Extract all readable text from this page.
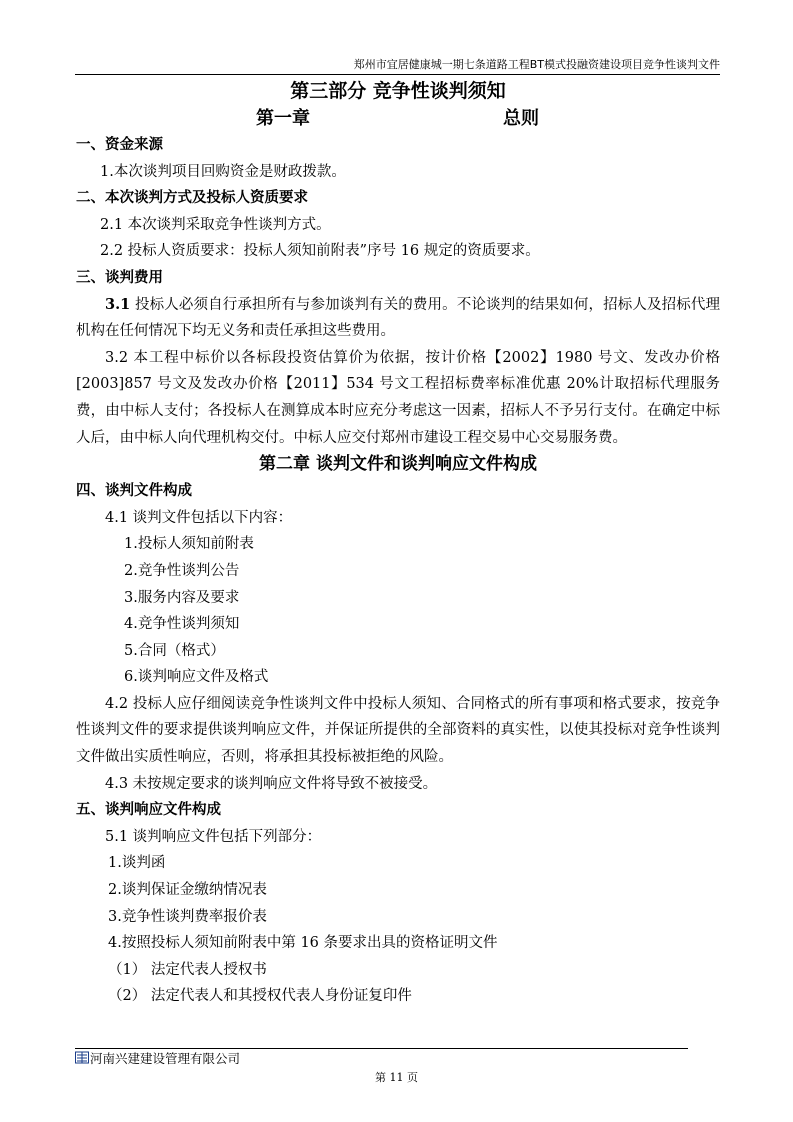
郑州市宜居健康城一期七条道路工程BT模式投融资建设项目竞争性谈判文件
第三部分 竞争性谈判须知
第一章	总则
一、资金来源
1.本次谈判项目回购资金是财政拨款。
二、本次谈判方式及投标人资质要求
2.1 本次谈判采取竞争性谈判方式。
2.2 投标人资质要求：投标人须知前附表”序号 16 规定的资质要求。
三、谈判费用
3.1 投标人必须自行承担所有与参加谈判有关的费用。不论谈判的结果如何，招标人及招标代理机构在任何情况下均无义务和责任承担这些费用。
3.2 本工程中标价以各标段投资估算价为依据，按计价格【2002】1980 号文、发改办价格[2003]857 号文及发改办价格【2011】534 号文工程招标费率标准优惠 20%计取招标代理服务费，由中标人支付；各投标人在测算成本时应充分考虑这一因素，招标人不予另行支付。在确定中标人后，由中标人向代理机构交付。中标人应交付郑州市建设工程交易中心交易服务费。
第二章 谈判文件和谈判响应文件构成
四、谈判文件构成
4.1 谈判文件包括以下内容：
1.投标人须知前附表
2.竞争性谈判公告
3.服务内容及要求
4.竞争性谈判须知
5.合同（格式）
6.谈判响应文件及格式
4.2 投标人应仔细阅读竞争性谈判文件中投标人须知、合同格式的所有事项和格式要求，按竞争性谈判文件的要求提供谈判响应文件，并保证所提供的全部资料的真实性，以使其投标对竞争性谈判文件做出实质性响应，否则，将承担其投标被拒绝的风险。
4.3 未按规定要求的谈判响应文件将导致不被接受。
五、谈判响应文件构成
5.1 谈判响应文件包括下列部分：
1.谈判函
2.谈判保证金缴纳情况表
3.竞争性谈判费率报价表
4.按照投标人须知前附表中第 16 条要求出具的资格证明文件
（1） 法定代表人授权书
（2） 法定代表人和其授权代表人身份证复印件
河南兴建建设管理有限公司
第 11 页
